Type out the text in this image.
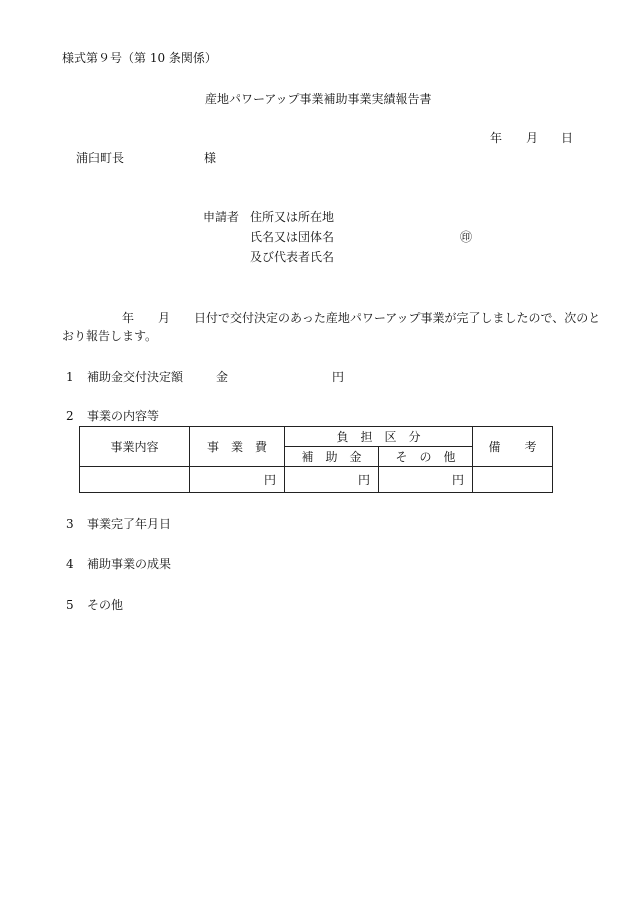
様式第９号（第 10 条関係）
産地パワーアップ事業補助事業実績報告書
年 月 日
浦臼町長	様
申請者 住所又は所在地
氏名又は団体名	㊞
及び代表者氏名
年　　月　　日付で交付決定のあった産地パワーアップ事業が完了しましたので、次のと
おり報告します。
1 補助金交付決定額	金	円
2 事業の内容等
事業内容	事　業　費	負　担　区　分		備　　考
		補　助　金	そ　の　他	
	円	円	円	
3 事業完了年月日
4 補助事業の成果
5 その他
